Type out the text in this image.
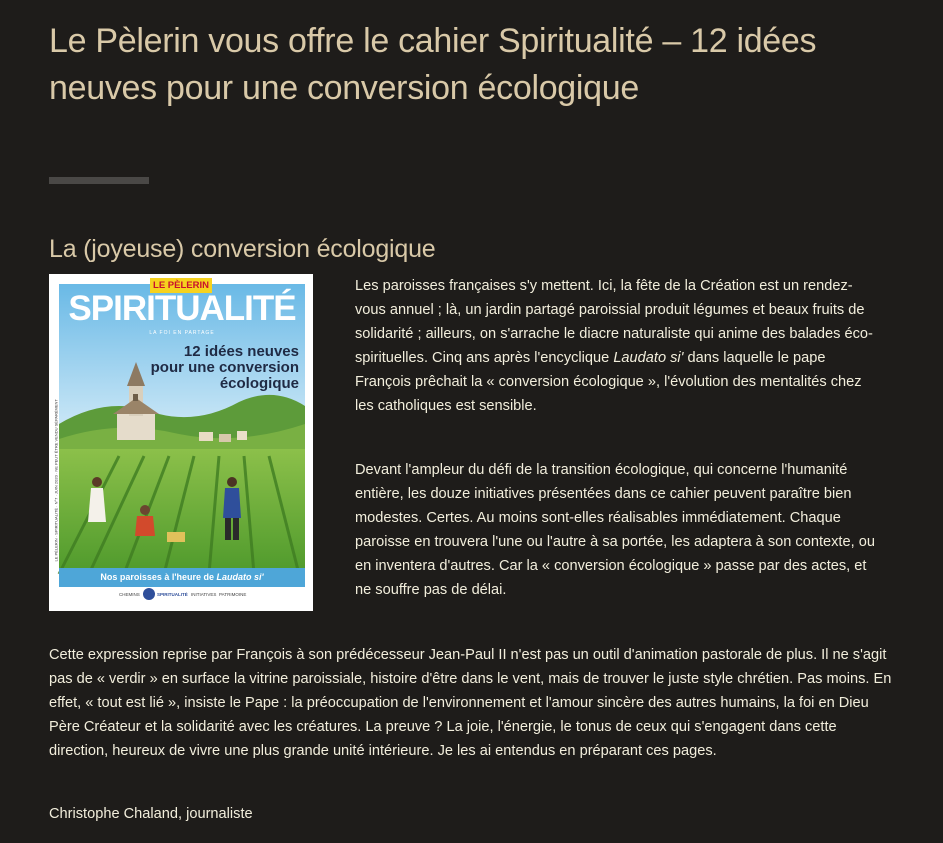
Le Pèlerin vous offre le cahier Spiritualité – 12 idées neuves pour une conversion écologique
La (joyeuse) conversion écologique
LE PÈLERIN
SPIRITUALITÉ
LA FOI EN PARTAGE
12 idées neuves
pour une conversion
écologique
LE PÈLERIN · SPIRITUALITÉ · N°7 · JUIN 2020 · NE PEUT ÊTRE VENDU SÉPARÉMENT
Nos paroisses à l'heure de Laudato si'
CHEMINS	SPIRITUALITÉ INITIATIVES PATRIMOINE

Les paroisses françaises s'y mettent. Ici, la fête de la Création est un rendez-vous annuel ; là, un jardin partagé paroissial produit légumes et beaux fruits de solidarité ; ailleurs, on s'arrache le diacre naturaliste qui anime des balades éco-spirituelles. Cinq ans après l'encyclique Laudato si' dans laquelle le pape François prêchait la « conversion écologique », l'évolution des mentalités chez les catholiques est sensible.

Devant l'ampleur du défi de la transition écologique, qui concerne l'humanité entière, les douze initiatives présentées dans ce cahier peuvent paraître bien modestes. Certes. Au moins sont-elles réalisables immédiatement. Chaque paroisse en trouvera l'une ou l'autre à sa portée, les adaptera à son contexte, ou en inventera d'autres. Car la « conversion écologique » passe par des actes, et ne souffre pas de délai.

Cette expression reprise par François à son prédécesseur Jean-Paul II n'est pas un outil d'animation pastorale de plus. Il ne s'agit pas de « verdir » en surface la vitrine paroissiale, histoire d'être dans le vent, mais de trouver le juste style chrétien. Pas moins. En effet, « tout est lié », insiste le Pape : la préoccupation de l'environnement et l'amour sincère des autres humains, la foi en Dieu Père Créateur et la solidarité avec les créatures. La preuve ? La joie, l'énergie, le tonus de ceux qui s'engagent dans cette direction, heureux de vivre une plus grande unité intérieure. Je les ai entendus en préparant ces pages.

Christophe Chaland, journaliste
